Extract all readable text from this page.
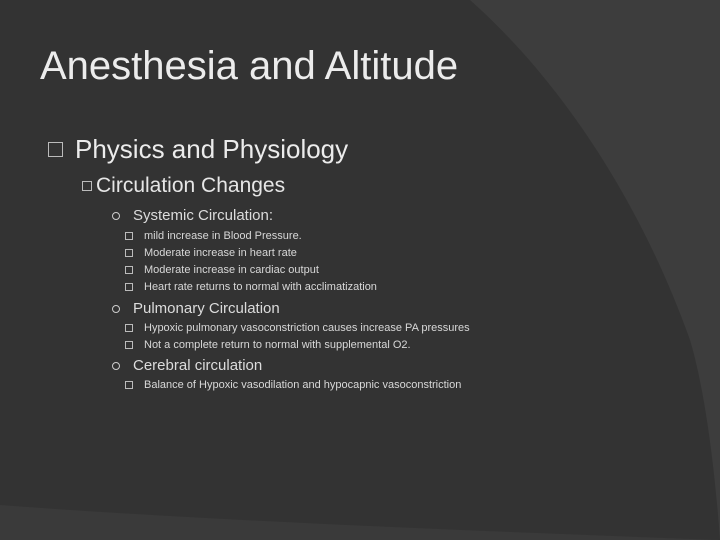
Anesthesia and Altitude
Physics and Physiology
Circulation Changes
Systemic Circulation:
mild increase in Blood Pressure.
Moderate increase in heart rate
Moderate increase in cardiac output
Heart rate returns to normal with acclimatization
Pulmonary Circulation
Hypoxic pulmonary vasoconstriction causes increase PA pressures
Not a complete return to normal with supplemental O2.
Cerebral circulation
Balance of Hypoxic vasodilation and hypocapnic vasoconstriction
